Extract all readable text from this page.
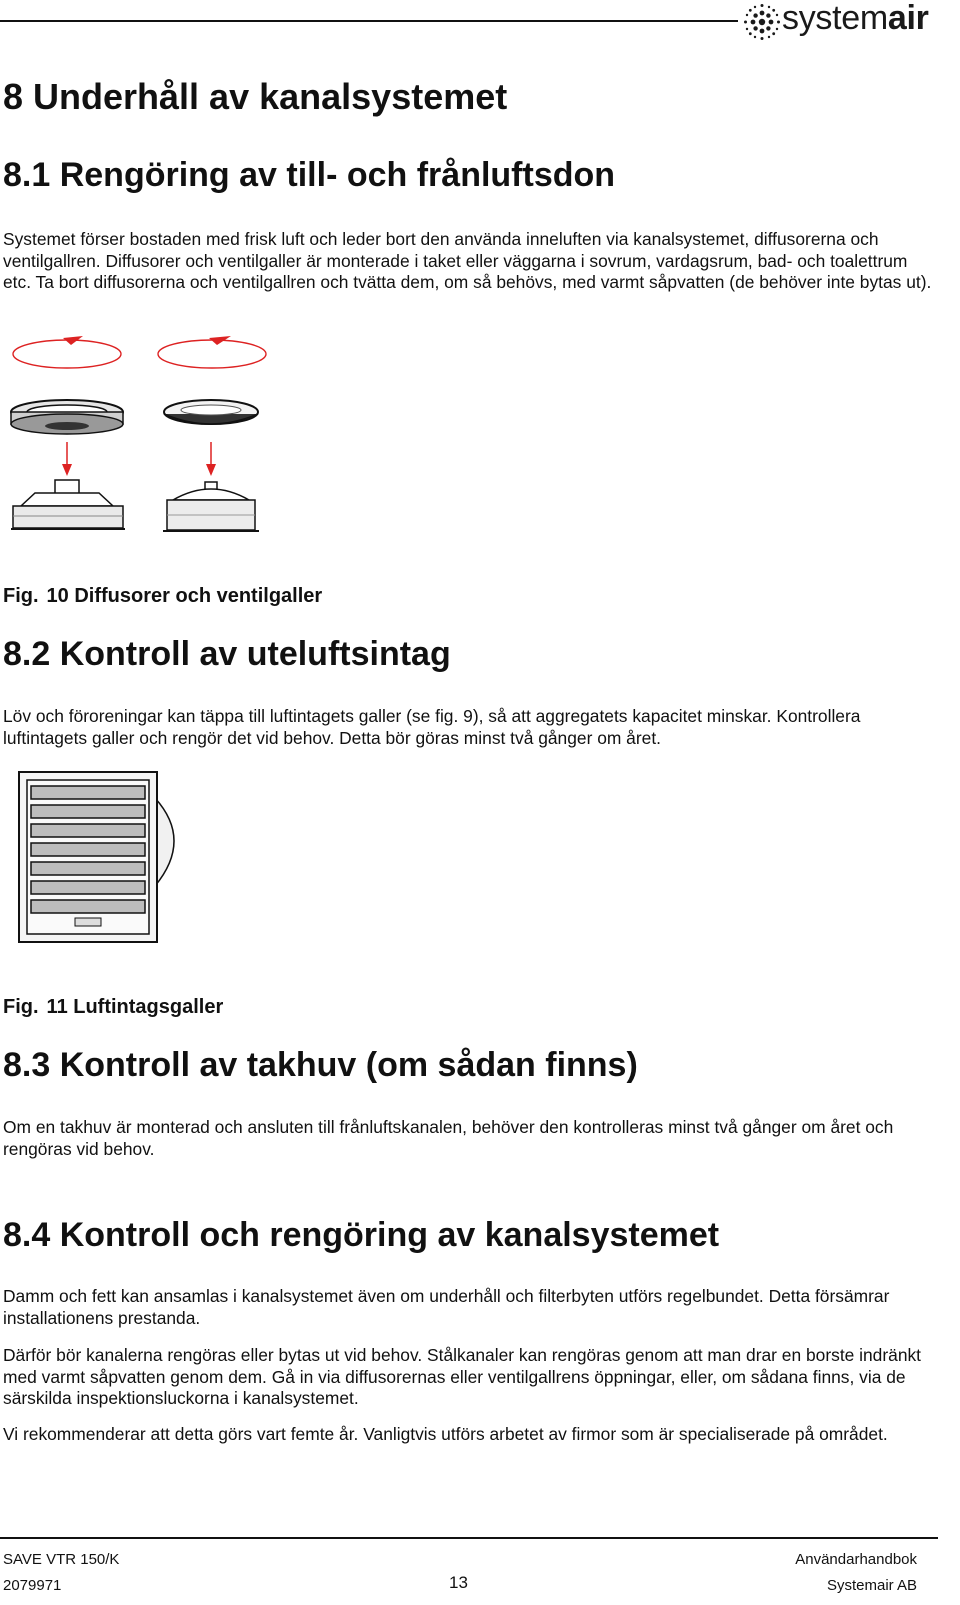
systemair
8 Underhåll av kanalsystemet
8.1 Rengöring av till- och frånluftsdon

Systemet förser bostaden med frisk luft och leder bort den använda inneluften via kanalsystemet, diffusorerna och ventilgallren. Diffusorer och ventilgaller är monterade i taket eller väggarna i sovrum, vardagsrum, bad- och toalettrum etc. Ta bort diffusorerna och ventilgallren och tvätta dem, om så behövs, med varmt såpvatten (de behöver inte bytas ut).

Fig. 10 Diffusorer och ventilgaller
8.2 Kontroll av uteluftsintag

Löv och föroreningar kan täppa till luftintagets galler (se fig. 9), så att aggregatets kapacitet minskar. Kontrollera luftintagets galler och rengör det vid behov. Detta bör göras minst två gånger om året.

Fig. 11 Luftintagsgaller
8.3 Kontroll av takhuv (om sådan finns)

Om en takhuv är monterad och ansluten till frånluftskanalen, behöver den kontrolleras minst två gånger om året och rengöras vid behov.

8.4 Kontroll och rengöring av kanalsystemet

Damm och fett kan ansamlas i kanalsystemet även om underhåll och filterbyten utförs regelbundet. Detta försämrar installationens prestanda.

Därför bör kanalerna rengöras eller bytas ut vid behov. Stålkanaler kan rengöras genom att man drar en borste indränkt med varmt såpvatten genom dem. Gå in via diffusorernas eller ventilgallrens öppningar, eller, om sådana finns, via de särskilda inspektionsluckorna i kanalsystemet.

Vi rekommenderar att detta görs vart femte år. Vanligtvis utförs arbetet av firmor som är specialiserade på området.

SAVE VTR 150/K
2079971	13
Användarhandbok
Systemair AB
